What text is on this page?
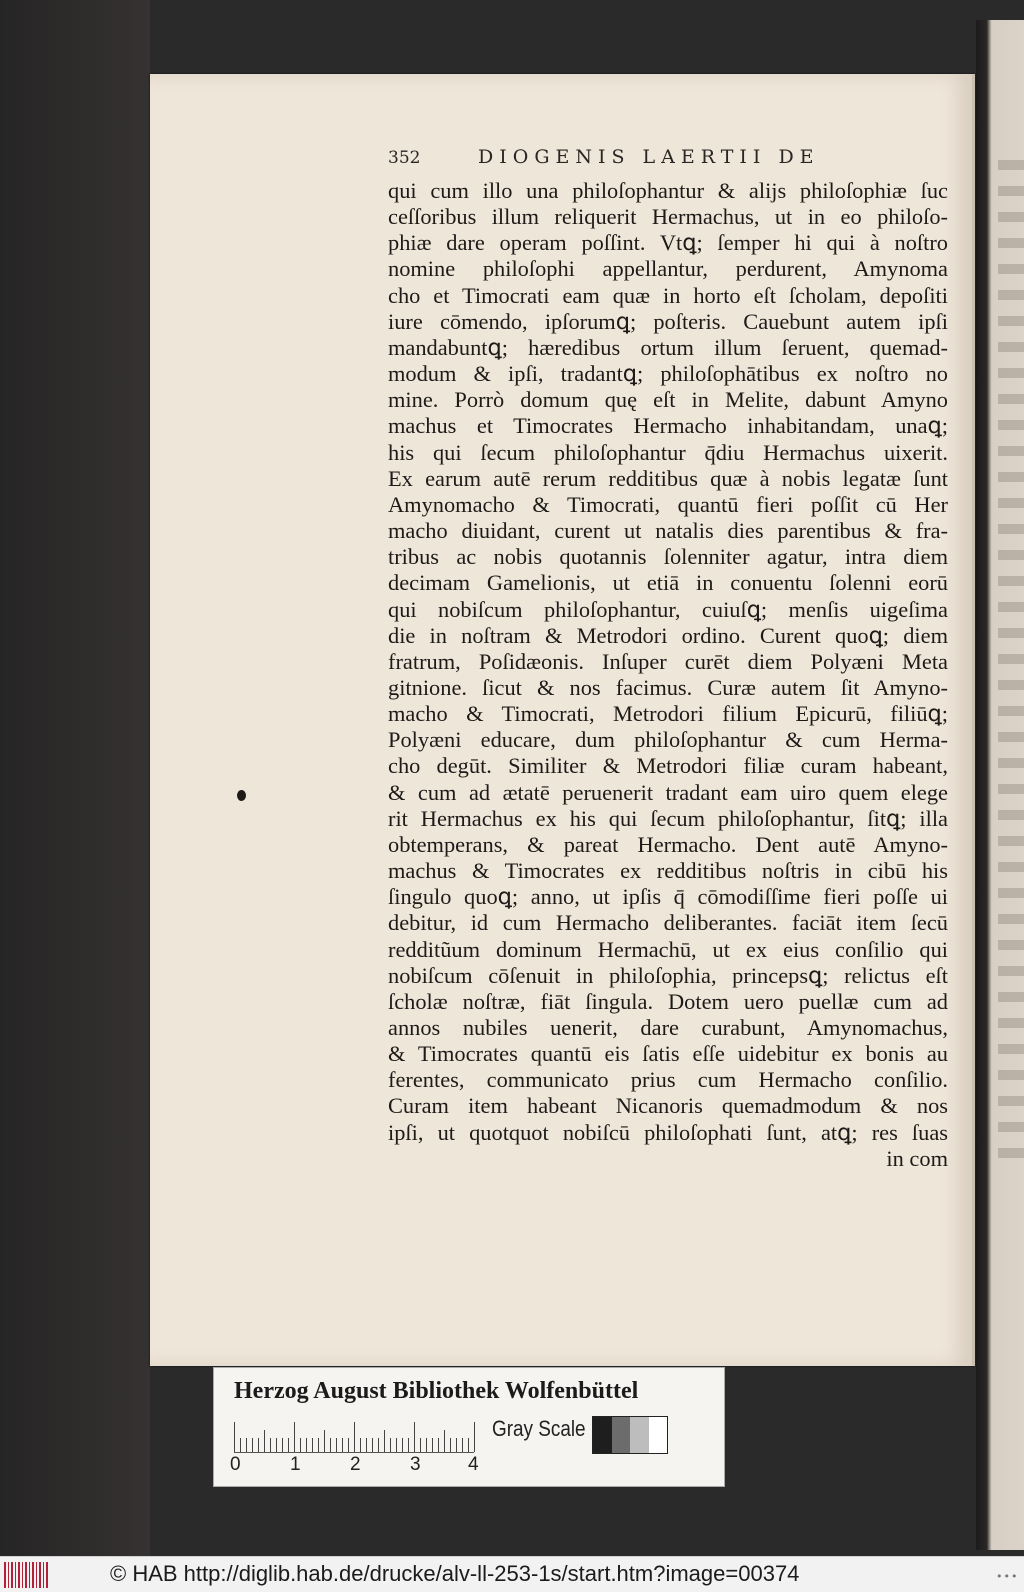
352	DIOGENIS LAERTII DE
qui cum illo una philoſophantur & alijs philoſophiæ ſuc
ceſſoribus illum reliquerit Hermachus, ut in eo philoſo-
phiæ dare operam poſſint. Vtꝗ; ſemper hi qui à noſtro
nomine philoſophi appellantur, perdurent, Amynoma
cho et Timocrati eam quæ in horto eſt ſcholam, depoſiti
iure cōmendo, ipſorumꝗ; poſteris. Cauebunt autem ipſi
mandabuntꝗ; hæredibus ortum illum ſeruent, quemad-
modum & ipſi, tradantꝗ; philoſophātibus ex noſtro no
mine. Porrò domum quę eſt in Melite, dabunt Amyno
machus et Timocrates Hermacho inhabitandam, unaꝗ;
his qui ſecum philoſophantur q̄diu Hermachus uixerit.
Ex earum autē rerum redditibus quæ à nobis legatæ ſunt
Amynomacho & Timocrati, quantū fieri poſſit cū Her
macho diuidant, curent ut natalis dies parentibus & fra-
tribus ac nobis quotannis ſolenniter agatur, intra diem
decimam Gamelionis, ut etiā in conuentu ſolenni eorū
qui nobiſcum philoſophantur, cuiuſꝗ; menſis uigeſima
die in noſtram & Metrodori ordino. Curent quoꝗ; diem
fratrum, Poſidæonis. Inſuper curēt diem Polyæni Meta
gitnione. ſicut & nos facimus. Curæ autem ſit Amyno-
macho & Timocrati, Metrodori filium Epicurū, filiūꝗ;
Polyæni educare, dum philoſophantur & cum Herma-
cho degūt. Similiter & Metrodori filiæ curam habeant,
& cum ad ætatē peruenerit tradant eam uiro quem elege
rit Hermachus ex his qui ſecum philoſophantur, ſitꝗ; illa
obtemperans, & pareat Hermacho. Dent autē Amyno-
machus & Timocrates ex redditibus noſtris in cibū his
ſingulo quoꝗ; anno, ut ipſis q̄ cōmodiſſime fieri poſſe ui
debitur, id cum Hermacho deliberantes. faciāt item ſecū
redditũum dominum Hermachū, ut ex eius conſilio qui
nobiſcum cōſenuit in philoſophia, princepsꝗ; relictus eſt
ſcholæ noſtræ, fiāt ſingula. Dotem uero puellæ cum ad
annos nubiles uenerit, dare curabunt, Amynomachus,
& Timocrates quantū eis ſatis eſſe uidebitur ex bonis au
ferentes, communicato prius cum Hermacho conſilio.
Curam item habeant Nicanoris quemadmodum & nos
ipſi, ut quotquot nobiſcū philoſophati ſunt, atꝗ; res ſuas
in com
Herzog August Bibliothek Wolfenbüttel
0	1	2	3 4
Gray Scale
© HAB http://diglib.hab.de/drucke/alv-ll-253-1s/start.htm?image=00374	•••
